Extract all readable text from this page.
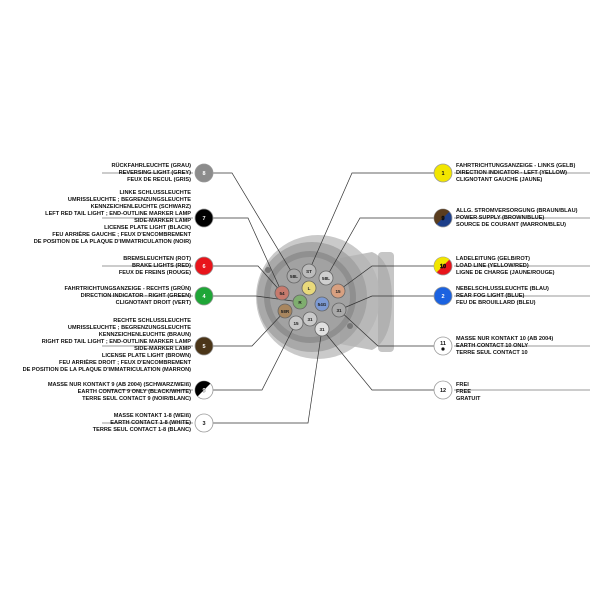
58L
ST
L
58L
54
R
31
58R
15
31
31
15
54G
8
7
6
4
5
9
3
1
9
10
2
11
12
RÜCKFAHRLEUCHTE (GRAU)
REVERSING LIGHT (GREY)
FEUX DE RECUL (GRIS)
LINKE SCHLUSSLEUCHTE
UMRISSLEUCHTE ; BEGRENZUNGSLEUCHTE
KENNZEICHENLEUCHTE (SCHWARZ)
LEFT RED TAIL LIGHT ; END-OUTLINE MARKER LAMP
SIDE-MARKER LAMP
LICENSE PLATE LIGHT (BLACK)
FEU ARRIÈRE GAUCHE ; FEUX D'ENCOMBREMENT
DE POSITION DE LA PLAQUE D'IMMATRICULATION (NOIR)
BREMSLEUCHTEN (ROT)
BRAKE LIGHTS (RED)
FEUX DE FREINS (ROUGE)
FAHRTRICHTUNGSANZEIGE - RECHTS (GRÜN)
DIRECTION INDICATOR - RIGHT (GREEN)
CLIGNOTANT DROIT (VERT)
RECHTE SCHLUSSLEUCHTE
UMRISSLEUCHTE ; BEGRENZUNGSLEUCHTE
KENNZEICHENLEUCHTE (BRAUN)
RIGHT RED TAIL LIGHT ; END-OUTLINE MARKER LAMP
SIDE-MARKER LAMP
LICENSE PLATE LIGHT (BROWN)
FEU ARRIÈRE DROIT ; FEUX D'ENCOMBREMENT
DE POSITION DE LA PLAQUE D'IMMATRICULATION (MARRON)
MASSE NUR KONTAKT 9 (AB 2004) (SCHWARZ/WEIß)
EARTH CONTACT 9 ONLY (BLACK/WHITE)
TERRE SEUL CONTACT 9 (NOIR/BLANC)
MASSE KONTAKT 1-8 (WEIß)
EARTH CONTACT 1-8 (WHITE)
TERRE SEUL CONTACT 1-8 (BLANC)
FAHRTRICHTUNGSANZEIGE - LINKS (GELB)
DIRECTION INDICATOR - LEFT (YELLOW)
CLIGNOTANT GAUCHE (JAUNE)
ALLG. STROMVERSORGUNG (BRAUN/BLAU)
POWER SUPPLY (BROWN/BLUE)
SOURCE DE COURANT (MARRON/BLEU)
LADELEITUNG (GELB/ROT)
LOAD LINE (YELLOW/RED)
LIGNE DE CHARGE (JAUNE/ROUGE)
NEBELSCHLUSSLEUCHTE (BLAU)
REAR FOG LIGHT (BLUE)
FEU DE BROUILLARD (BLEU)
MASSE NUR KONTAKT 10 (AB 2004)
EARTH CONTACT 10 ONLY
TERRE SEUL CONTACT 10
FREI
FREE
GRATUIT
